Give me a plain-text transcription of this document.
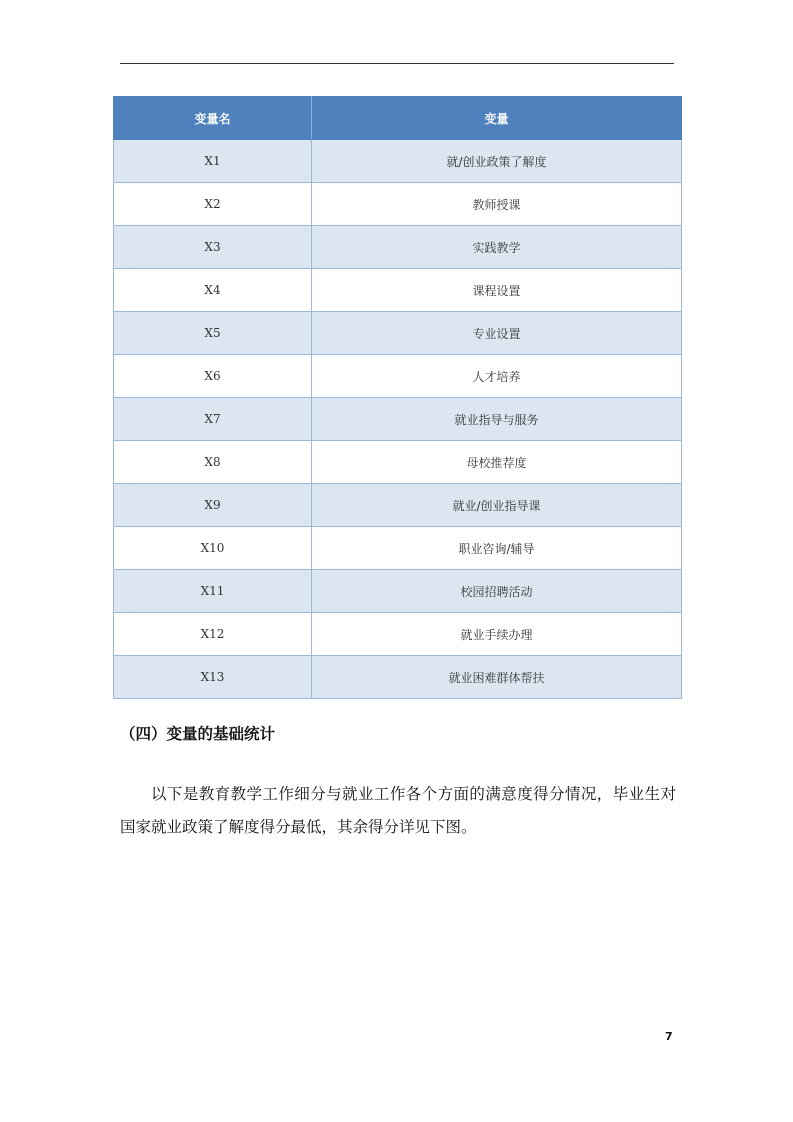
变量名	变量
X1	就/创业政策了解度
X2	教师授课
X3	实践教学
X4	课程设置
X5	专业设置
X6	人才培养
X7	就业指导与服务
X8	母校推荐度
X9	就业/创业指导课
X10	职业咨询/辅导
X11	校园招聘活动
X12	就业手续办理
X13	就业困难群体帮扶
（四）变量的基础统计

以下是教育教学工作细分与就业工作各个方面的满意度得分情况，毕业生对国家就业政策了解度得分最低，其余得分详见下图。

7
